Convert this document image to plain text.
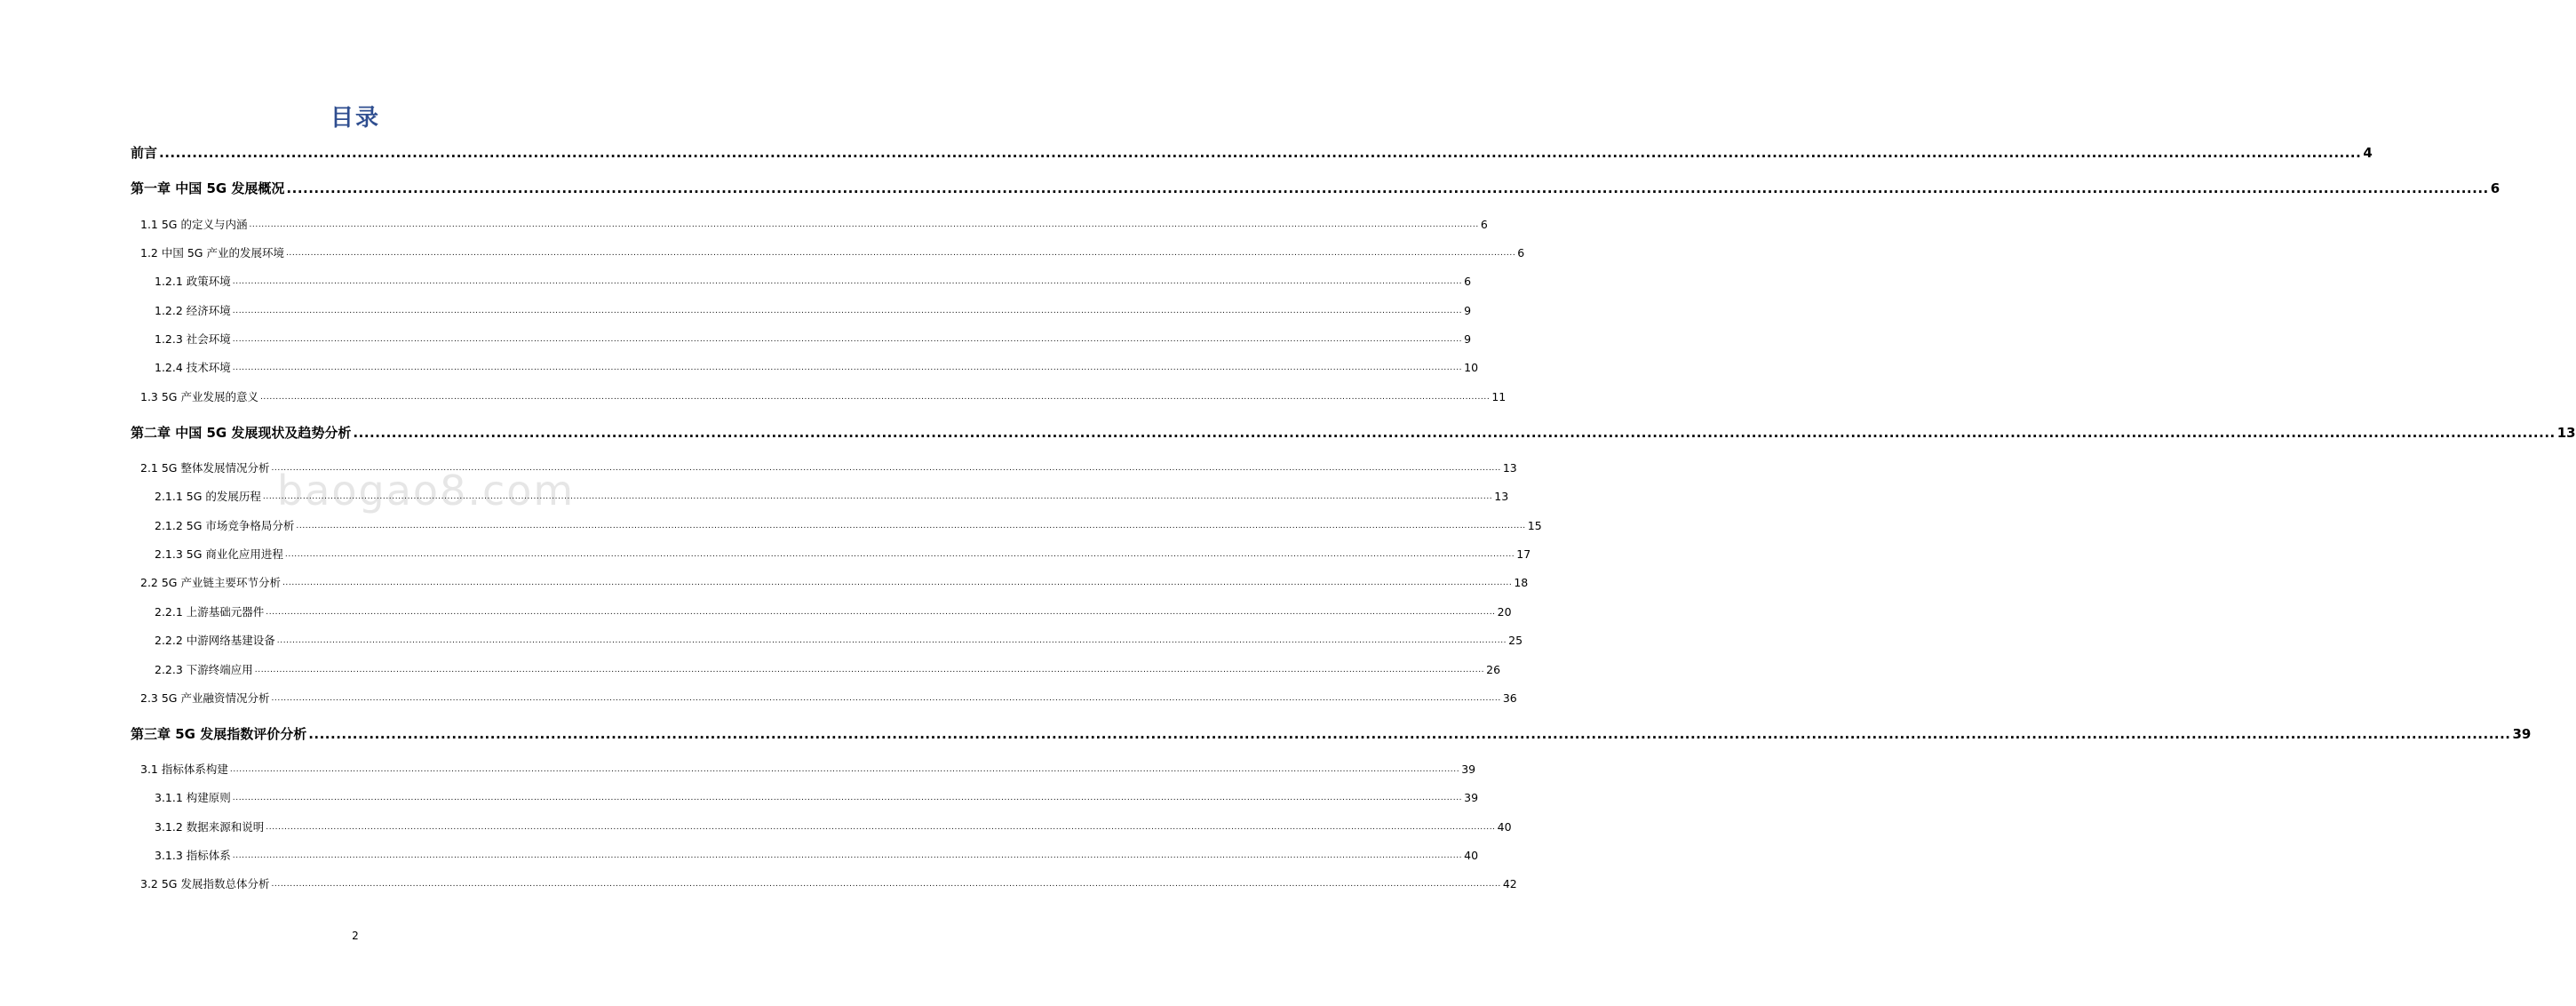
目录
baogao8.com
前言 ................................................................................................................................................................................................................................................................................................................................................................................................................ 4
第一章 中国 5G 发展概况 ................................................................................................................................................................................................................................................................................................................................................................................................................ 6
1.1 5G 的定义与内涵 ................................................................................................................................................................................................................................................................................................................................................................................................................ 6
1.2 中国 5G 产业的发展环境 ................................................................................................................................................................................................................................................................................................................................................................................................................ 6
1.2.1 政策环境 ................................................................................................................................................................................................................................................................................................................................................................................................................ 6
1.2.2 经济环境 ................................................................................................................................................................................................................................................................................................................................................................................................................ 9
1.2.3 社会环境 ................................................................................................................................................................................................................................................................................................................................................................................................................ 9
1.2.4 技术环境 ................................................................................................................................................................................................................................................................................................................................................................................................................ 10
1.3 5G 产业发展的意义 ................................................................................................................................................................................................................................................................................................................................................................................................................ 11
第二章 中国 5G 发展现状及趋势分析 ................................................................................................................................................................................................................................................................................................................................................................................................................ 13
2.1 5G 整体发展情况分析 ................................................................................................................................................................................................................................................................................................................................................................................................................ 13
2.1.1 5G 的发展历程 ................................................................................................................................................................................................................................................................................................................................................................................................................ 13
2.1.2 5G 市场竞争格局分析 ................................................................................................................................................................................................................................................................................................................................................................................................................ 15
2.1.3 5G 商业化应用进程 ................................................................................................................................................................................................................................................................................................................................................................................................................ 17
2.2 5G 产业链主要环节分析 ................................................................................................................................................................................................................................................................................................................................................................................................................ 18
2.2.1 上游基础元器件 ................................................................................................................................................................................................................................................................................................................................................................................................................ 20
2.2.2 中游网络基建设备 ................................................................................................................................................................................................................................................................................................................................................................................................................ 25
2.2.3 下游终端应用 ................................................................................................................................................................................................................................................................................................................................................................................................................ 26
2.3 5G 产业融资情况分析 ................................................................................................................................................................................................................................................................................................................................................................................................................ 36
第三章 5G 发展指数评价分析 ................................................................................................................................................................................................................................................................................................................................................................................................................ 39
3.1 指标体系构建 ................................................................................................................................................................................................................................................................................................................................................................................................................ 39
3.1.1 构建原则 ................................................................................................................................................................................................................................................................................................................................................................................................................ 39
3.1.2 数据来源和说明 ................................................................................................................................................................................................................................................................................................................................................................................................................ 40
3.1.3 指标体系 ................................................................................................................................................................................................................................................................................................................................................................................................................ 40
3.2 5G 发展指数总体分析 ................................................................................................................................................................................................................................................................................................................................................................................................................ 42
2
